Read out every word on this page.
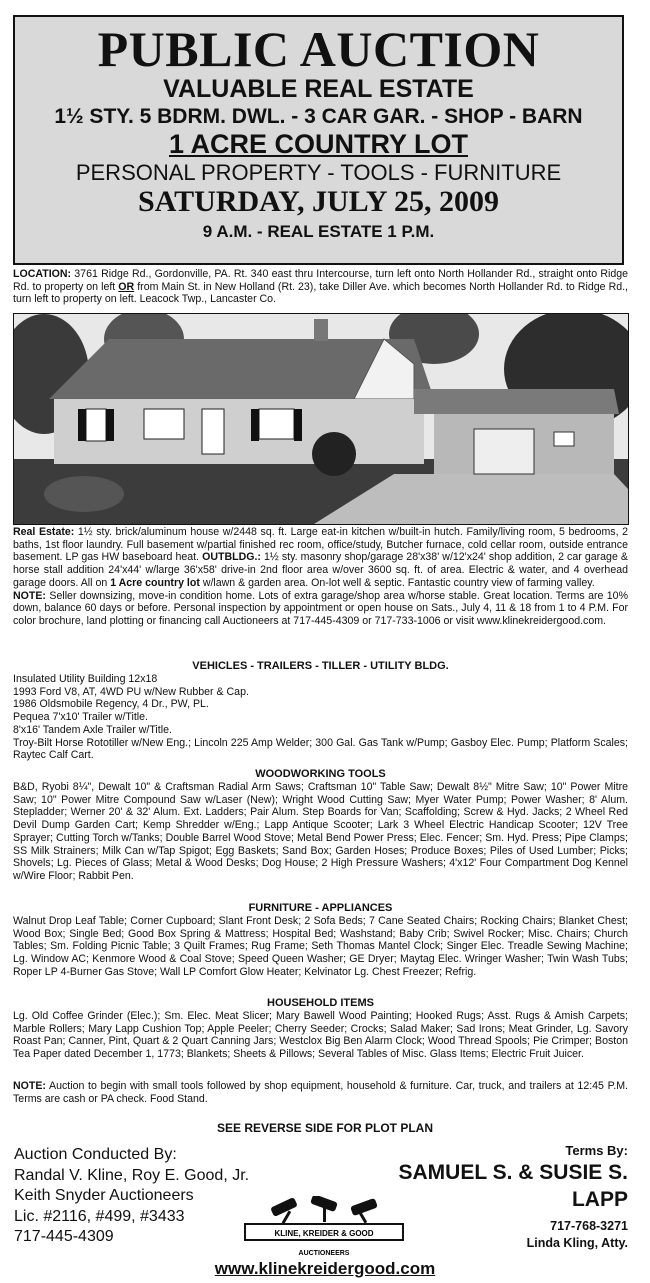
PUBLIC AUCTION
VALUABLE REAL ESTATE
1½ STY. 5 BDRM. DWL. - 3 CAR GAR. - SHOP - BARN
1 ACRE COUNTRY LOT
PERSONAL PROPERTY - TOOLS - FURNITURE
SATURDAY, JULY 25, 2009
9 A.M. - REAL ESTATE 1 P.M.
LOCATION: 3761 Ridge Rd., Gordonville, PA. Rt. 340 east thru Intercourse, turn left onto North Hollander Rd., straight onto Ridge Rd. to property on left OR from Main St. in New Holland (Rt. 23), take Diller Ave. which becomes North Hollander Rd. to Ridge Rd., turn left to property on left. Leacock Twp., Lancaster Co.
Real Estate: 1½ sty. brick/aluminum house w/2448 sq. ft. Large eat-in kitchen w/built-in hutch. Family/living room, 5 bedrooms, 2 baths, 1st floor laundry. Full basement w/partial finished rec room, office/study, Butcher furnace, cold cellar room, outside entrance basement. LP gas HW baseboard heat. OUTBLDG.: 1½ sty. masonry shop/garage 28'x38' w/12'x24' shop addition, 2 car garage & horse stall addition 24'x44' w/large 36'x58' drive-in 2nd floor area w/over 3600 sq. ft. of area. Electric & water, and 4 overhead garage doors. All on 1 Acre country lot w/lawn & garden area. On-lot well & septic. Fantastic country view of farming valley.
NOTE: Seller downsizing, move-in condition home. Lots of extra garage/shop area w/horse stable. Great location. Terms are 10% down, balance 60 days or before. Personal inspection by appointment or open house on Sats., July 4, 11 & 18 from 1 to 4 P.M. For color brochure, land plotting or financing call Auctioneers at 717-445-4309 or 717-733-1006 or visit www.klinekreidergood.com.
VEHICLES - TRAILERS - TILLER - UTILITY BLDG.
Insulated Utility Building 12x18
1993 Ford V8, AT, 4WD PU w/New Rubber & Cap.
1986 Oldsmobile Regency, 4 Dr., PW, PL.
Pequea 7'x10' Trailer w/Title.
8'x16' Tandem Axle Trailer w/Title.
Troy-Bilt Horse Rototiller w/New Eng.; Lincoln 225 Amp Welder; 300 Gal. Gas Tank w/Pump; Gasboy Elec. Pump; Platform Scales; Raytec Calf Cart.
WOODWORKING TOOLS
B&D, Ryobi 8¼", Dewalt 10" & Craftsman Radial Arm Saws; Craftsman 10" Table Saw; Dewalt 8½" Mitre Saw; 10" Power Mitre Saw; 10" Power Mitre Compound Saw w/Laser (New); Wright Wood Cutting Saw; Myer Water Pump; Power Washer; 8' Alum. Stepladder; Werner 20' & 32' Alum. Ext. Ladders; Pair Alum. Step Boards for Van; Scaffolding; Screw & Hyd. Jacks; 2 Wheel Red Devil Dump Garden Cart; Kemp Shredder w/Eng.; Lapp Antique Scooter; Lark 3 Wheel Electric Handicap Scooter; 12V Tree Sprayer; Cutting Torch w/Tanks; Double Barrel Wood Stove; Metal Bend Power Press; Elec. Fencer; Sm. Hyd. Press; Pipe Clamps; SS Milk Strainers; Milk Can w/Tap Spigot; Egg Baskets; Sand Box; Garden Hoses; Produce Boxes; Piles of Used Lumber; Picks; Shovels; Lg. Pieces of Glass; Metal & Wood Desks; Dog House; 2 High Pressure Washers; 4'x12' Four Compartment Dog Kennel w/Wire Floor; Rabbit Pen.
FURNITURE - APPLIANCES
Walnut Drop Leaf Table; Corner Cupboard; Slant Front Desk; 2 Sofa Beds; 7 Cane Seated Chairs; Rocking Chairs; Blanket Chest; Wood Box; Single Bed; Good Box Spring & Mattress; Hospital Bed; Washstand; Baby Crib; Swivel Rocker; Misc. Chairs; Church Tables; Sm. Folding Picnic Table; 3 Quilt Frames; Rug Frame; Seth Thomas Mantel Clock; Singer Elec. Treadle Sewing Machine; Lg. Window AC; Kenmore Wood & Coal Stove; Speed Queen Washer; GE Dryer; Maytag Elec. Wringer Washer; Twin Wash Tubs; Roper LP 4-Burner Gas Stove; Wall LP Comfort Glow Heater; Kelvinator Lg. Chest Freezer; Refrig.
HOUSEHOLD ITEMS
Lg. Old Coffee Grinder (Elec.); Sm. Elec. Meat Slicer; Mary Bawell Wood Painting; Hooked Rugs; Asst. Rugs & Amish Carpets; Marble Rollers; Mary Lapp Cushion Top; Apple Peeler; Cherry Seeder; Crocks; Salad Maker; Sad Irons; Meat Grinder, Lg. Savory Roast Pan; Canner, Pint, Quart & 2 Quart Canning Jars; Westclox Big Ben Alarm Clock; Wood Thread Spools; Pie Crimper; Boston Tea Paper dated December 1, 1773; Blankets; Sheets & Pillows; Several Tables of Misc. Glass Items; Electric Fruit Juicer.
NOTE: Auction to begin with small tools followed by shop equipment, household & furniture. Car, truck, and trailers at 12:45 P.M. Terms are cash or PA check. Food Stand.
SEE REVERSE SIDE FOR PLOT PLAN
Auction Conducted By:
Randal V. Kline, Roy E. Good, Jr.
Keith Snyder Auctioneers
Lic. #2116, #499, #3433
717-445-4309
Terms By:
SAMUEL S. & SUSIE S.
LAPP
717-768-3271
Linda Kling, Atty.
KLINE, KREIDER & GOOD
AUCTIONEERS
www.klinekreidergood.com
